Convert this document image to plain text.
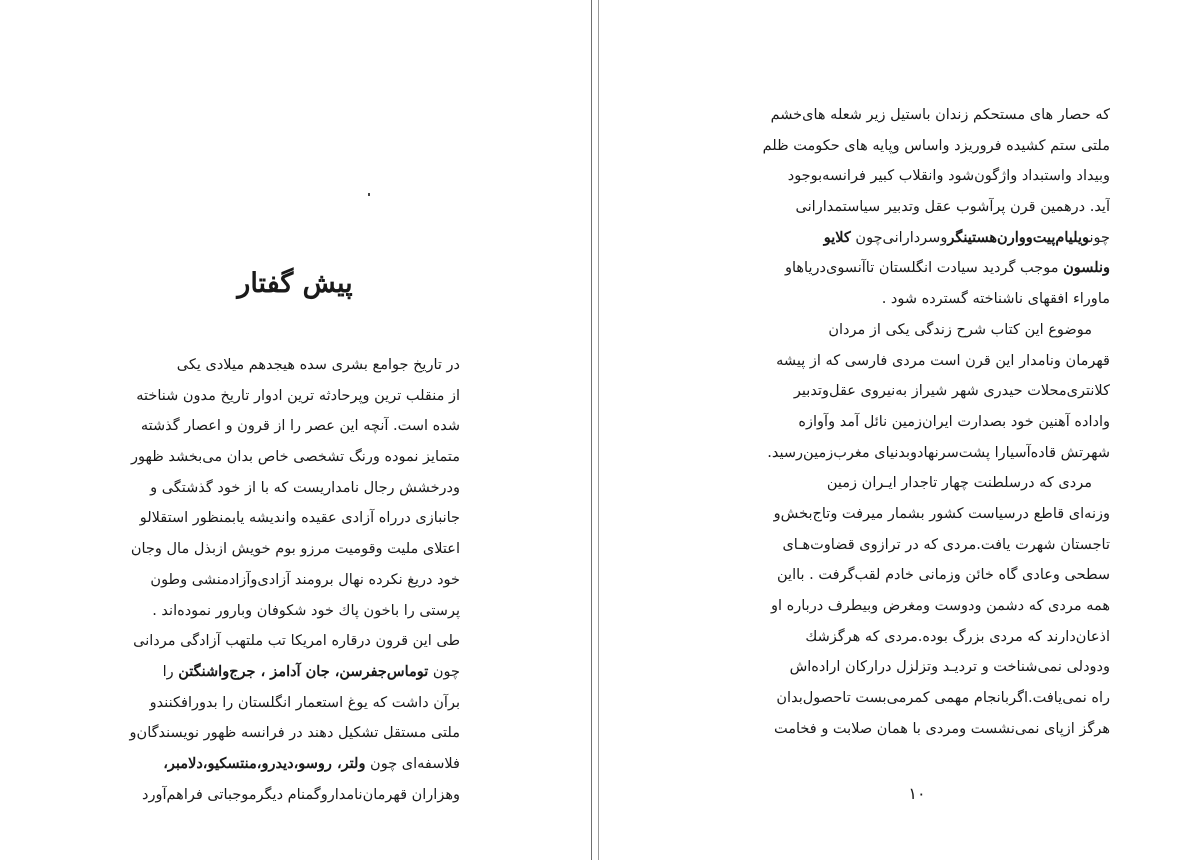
پیش گفتار
در تاریخ جوامع بشری سده هیجدهم میلادی یکی
از منقلب ترین وپرحادثه ترین ادوار تاریخ مدون شناخته
شده است. آنچه این عصر را از قرون و اعصار گذشته
متمایز نموده ورنگ تشخصی خاص بدان می‌بخشد ظهور
ودرخشش رجال نامداریست که با از خود گذشتگی و
جانبازی درراه آزادی عقیده واندیشه یابمنظور استقلالو
اعتلای ملیت وقومیت مرزو بوم خویش ازبذل مال وجان
خود دریغ نکرده نهال برومند آزادی‌وآزادمنشی وطون
پرستی را باخون پاك خود شکوفان وبارور نموده‌اند .
طی این قرون درقاره امریکا تب ملتهب آزادگی مردانی
چون توماس‌جفرسن، جان آدامز ، جرج‌واشنگتن را
برآن داشت که یوغ استعمار انگلستان را بدورافکنندو
ملتی مستقل تشکیل دهند در فرانسه ظهور نویسندگان‌و
فلاسفه‌ای چون ولتر، روسو،دیدرو،منتسکیو،دلامبر،
وهزاران قهرمان‌نامداروگمنام دیگرموجباتی فراهم‌آورد
که حصار های مستحکم زندان باستیل زیر شعله های‌خشم
ملتی ستم کشیده فروریزد واساس وپایه های حکومت ظلم
وبیداد واستبداد واژگون‌شود وانقلاب کبیر فرانسه‌بوجود
آید. درهمین قرن پرآشوب عقل وتدبیر سیاستمدارانی
چونویلیام‌پیت‌ووارن‌هستینگروسردارانی‌چون کلایو
ونلسون موجب گردید سیادت انگلستان تاآنسوی‌دریاهاو
ماوراء افقهای ناشناخته گسترده شود .
موضوع این کتاب شرح زندگی یکی از مردان
قهرمان ونامدار این قرن است مردی فارسی که از پیشه
کلانتری‌محلات حیدری شهر شیراز به‌نیروی عقل‌وتدبیر
واداده آهنین خود بصدارت ایران‌زمین نائل آمد وآوازه
شهرتش قاده‌آسیارا پشت‌سرنهادوبدنیای مغرب‌زمین‌رسید.
مردی که درسلطنت چهار تاجدار ایـران زمین
وزنه‌ای قاطع درسیاست کشور بشمار میرفت وتاج‌بخش‌و
تاجستان شهرت یافت.مردی که در ترازوی قضاوت‌هـای
سطحی وعادی گاه خائن وزمانی خادم لقب‌گرفت . بااین
همه مردی که دشمن ودوست ومغرض وبیطرف درباره او
اذعان‌دارند که مردی بزرگ بوده.مردی که هرگزشك
ودودلی نمی‌شناخت و تردیـد وتزلزل درارکان اراده‌اش
راه نمی‌یافت.اگربانجام مهمی کمرمی‌بست تاحصول‌بدان
هرگز ازپای نمی‌نشست ومردی با همان صلابت و فخامت
۱۰
